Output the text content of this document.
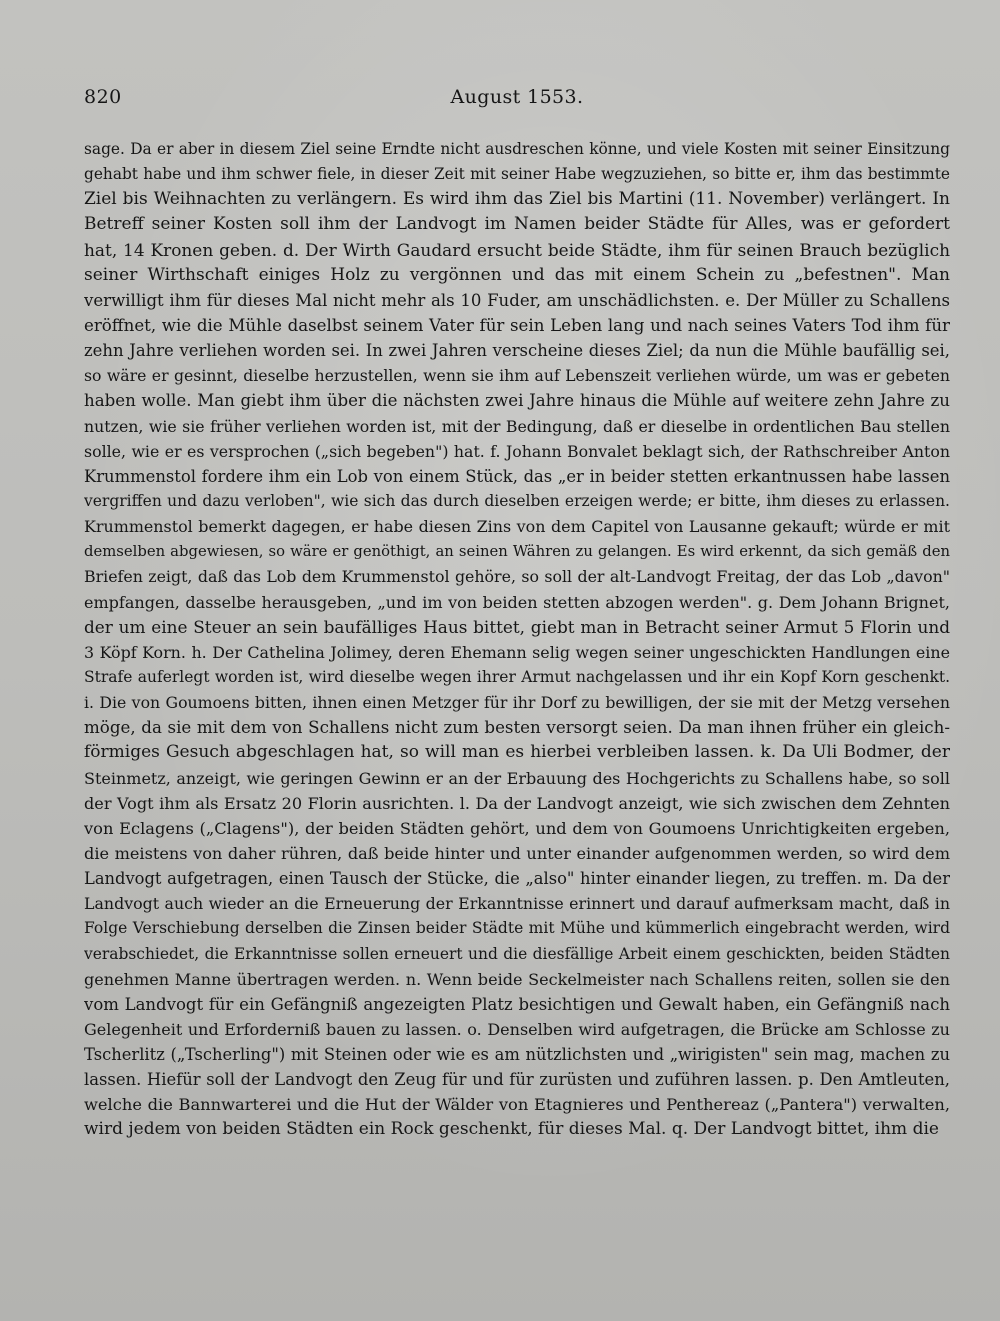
820	August 1553.
sage. Da er aber in diesem Ziel seine Erndte nicht ausdreschen könne, und viele Kosten mit seiner Einsitzung
gehabt habe und ihm schwer fiele, in dieser Zeit mit seiner Habe wegzuziehen, so bitte er, ihm das bestimmte
Ziel bis Weihnachten zu verlängern. Es wird ihm das Ziel bis Martini (11. November) verlängert. In
Betreff seiner Kosten soll ihm der Landvogt im Namen beider Städte für Alles, was er gefordert
hat, 14 Kronen geben. d. Der Wirth Gaudard ersucht beide Städte, ihm für seinen Brauch bezüglich
seiner Wirthschaft einiges Holz zu vergönnen und das mit einem Schein zu „befestnen". Man
verwilligt ihm für dieses Mal nicht mehr als 10 Fuder, am unschädlichsten. e. Der Müller zu Schallens
eröffnet, wie die Mühle daselbst seinem Vater für sein Leben lang und nach seines Vaters Tod ihm für
zehn Jahre verliehen worden sei. In zwei Jahren verscheine dieses Ziel; da nun die Mühle baufällig sei,
so wäre er gesinnt, dieselbe herzustellen, wenn sie ihm auf Lebenszeit verliehen würde, um was er gebeten
haben wolle. Man giebt ihm über die nächsten zwei Jahre hinaus die Mühle auf weitere zehn Jahre zu
nutzen, wie sie früher verliehen worden ist, mit der Bedingung, daß er dieselbe in ordentlichen Bau stellen
solle, wie er es versprochen („sich begeben") hat. f. Johann Bonvalet beklagt sich, der Rathschreiber Anton
Krummenstol fordere ihm ein Lob von einem Stück, das „er in beider stetten erkantnussen habe lassen
vergriffen und dazu verloben", wie sich das durch dieselben erzeigen werde; er bitte, ihm dieses zu erlassen.
Krummenstol bemerkt dagegen, er habe diesen Zins von dem Capitel von Lausanne gekauft; würde er mit
demselben abgewiesen, so wäre er genöthigt, an seinen Währen zu gelangen. Es wird erkennt, da sich gemäß den
Briefen zeigt, daß das Lob dem Krummenstol gehöre, so soll der alt-Landvogt Freitag, der das Lob „davon"
empfangen, dasselbe herausgeben, „und im von beiden stetten abzogen werden". g. Dem Johann Brignet,
der um eine Steuer an sein baufälliges Haus bittet, giebt man in Betracht seiner Armut 5 Florin und
3 Köpf Korn. h. Der Cathelina Jolimey, deren Ehemann selig wegen seiner ungeschickten Handlungen eine
Strafe auferlegt worden ist, wird dieselbe wegen ihrer Armut nachgelassen und ihr ein Kopf Korn geschenkt.
i. Die von Goumoens bitten, ihnen einen Metzger für ihr Dorf zu bewilligen, der sie mit der Metzg versehen
möge, da sie mit dem von Schallens nicht zum besten versorgt seien. Da man ihnen früher ein gleich-
förmiges Gesuch abgeschlagen hat, so will man es hierbei verbleiben lassen. k. Da Uli Bodmer, der
Steinmetz, anzeigt, wie geringen Gewinn er an der Erbauung des Hochgerichts zu Schallens habe, so soll
der Vogt ihm als Ersatz 20 Florin ausrichten. l. Da der Landvogt anzeigt, wie sich zwischen dem Zehnten
von Eclagens („Clagens"), der beiden Städten gehört, und dem von Goumoens Unrichtigkeiten ergeben,
die meistens von daher rühren, daß beide hinter und unter einander aufgenommen werden, so wird dem
Landvogt aufgetragen, einen Tausch der Stücke, die „also" hinter einander liegen, zu treffen. m. Da der
Landvogt auch wieder an die Erneuerung der Erkanntnisse erinnert und darauf aufmerksam macht, daß in
Folge Verschiebung derselben die Zinsen beider Städte mit Mühe und kümmerlich eingebracht werden, wird
verabschiedet, die Erkanntnisse sollen erneuert und die diesfällige Arbeit einem geschickten, beiden Städten
genehmen Manne übertragen werden. n. Wenn beide Seckelmeister nach Schallens reiten, sollen sie den
vom Landvogt für ein Gefängniß angezeigten Platz besichtigen und Gewalt haben, ein Gefängniß nach
Gelegenheit und Erforderniß bauen zu lassen. o. Denselben wird aufgetragen, die Brücke am Schlosse zu
Tscherlitz („Tscherling") mit Steinen oder wie es am nützlichsten und „wirigisten" sein mag, machen zu
lassen. Hiefür soll der Landvogt den Zeug für und für zurüsten und zuführen lassen. p. Den Amtleuten,
welche die Bannwarterei und die Hut der Wälder von Etagnieres und Penthereaz („Pantera") verwalten,
wird jedem von beiden Städten ein Rock geschenkt, für dieses Mal. q. Der Landvogt bittet, ihm die
